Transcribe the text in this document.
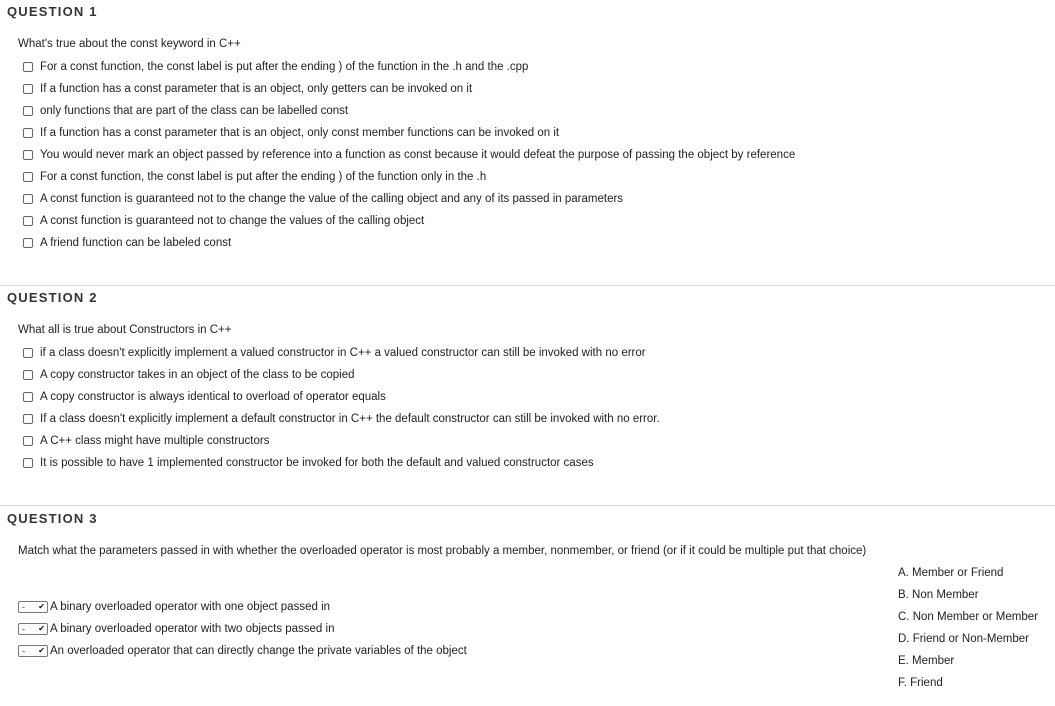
QUESTION 1
What's true about the const keyword in C++
For a const function, the const label is put after the ending ) of the function in the .h and the .cpp
If a function has a const parameter that is an object, only getters can be invoked on it
only functions that are part of the class can be labelled const
If a function has a const parameter that is an object, only const member functions can be invoked on it
You would never mark an object passed by reference into a function as const because it would defeat the purpose of passing the object by reference
For a const function, the const label is put after the ending ) of the function only in the .h
A const function is guaranteed not to the change the value of the calling object and any of its passed in parameters
A const function is guaranteed not to change the values of the calling object
A friend function can be labeled const
QUESTION 2
What all is true about Constructors in C++
if a class doesn't explicitly implement a valued constructor in C++ a valued constructor can still be invoked with no error
A copy constructor takes in an object of the class to be copied
A copy constructor is always identical to overload of operator equals
If a class doesn't explicitly implement a default constructor in C++ the default constructor can still be invoked with no error.
A C++ class might have multiple constructors
It is possible to have 1 implemented constructor be invoked for both the default and valued constructor cases
QUESTION 3
Match what the parameters passed in with whether the overloaded operator is most probably a member, nonmember, or friend (or if it could be multiple put that choice)
- ✔︎ A binary overloaded operator with one object passed in
- ✔︎ A binary overloaded operator with two objects passed in
- ✔︎ An overloaded operator that can directly change the private variables of the object
A. Member or Friend
B. Non Member
C. Non Member or Member
D. Friend or Non-Member
E. Member
F. Friend
